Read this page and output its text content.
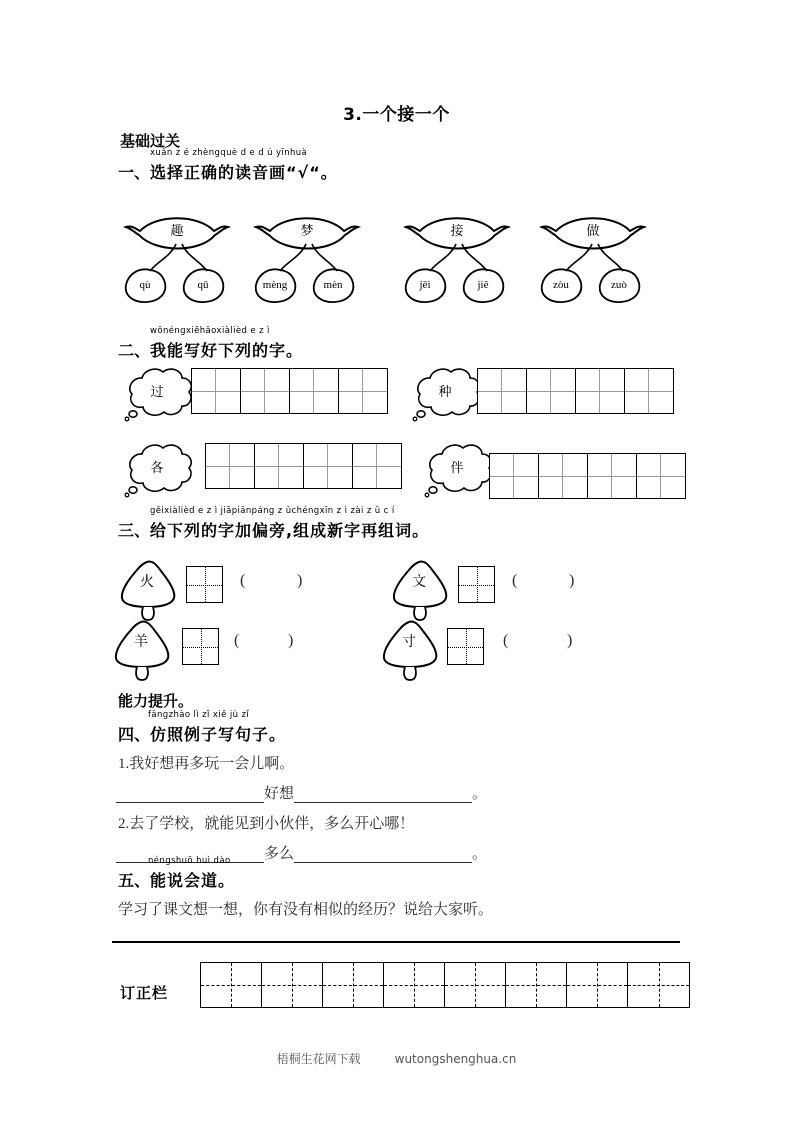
3.一个接一个
基础过关
xuǎn z é zhèngquè d e d ú yīnhuà
一、选择正确的读音画“√“。
趣
qù	qǔ
梦
mèng	mèn
接
jēi	jiē
做
zòu	zuò
wǒnéngxiěhǎoxiàlièd e z ì
二、我能写好下列的字。
过	种
各	伴
gěixiàlièd e z ì jiāpiānpáng z ǔchéngxīn z ì zài z ǔ c í
三、给下列的字加偏旁,组成新字再组词。
火	(	)	文	(	)
羊	(	)	寸	(	)
能力提升。
fǎngzhào lì zǐ xiě jù zǐ
四、仿照例子写句子。
1.我好想再多玩一会儿啊。
好想	。
2.去了学校，就能见到小伙伴，多么开心哪！
多么	。
néngshuō huì dào
五、能说会道。
学习了课文想一想，你有没有相似的经历？说给大家听。
订正栏
梧桐生花网下载	wutongshenghua.cn
